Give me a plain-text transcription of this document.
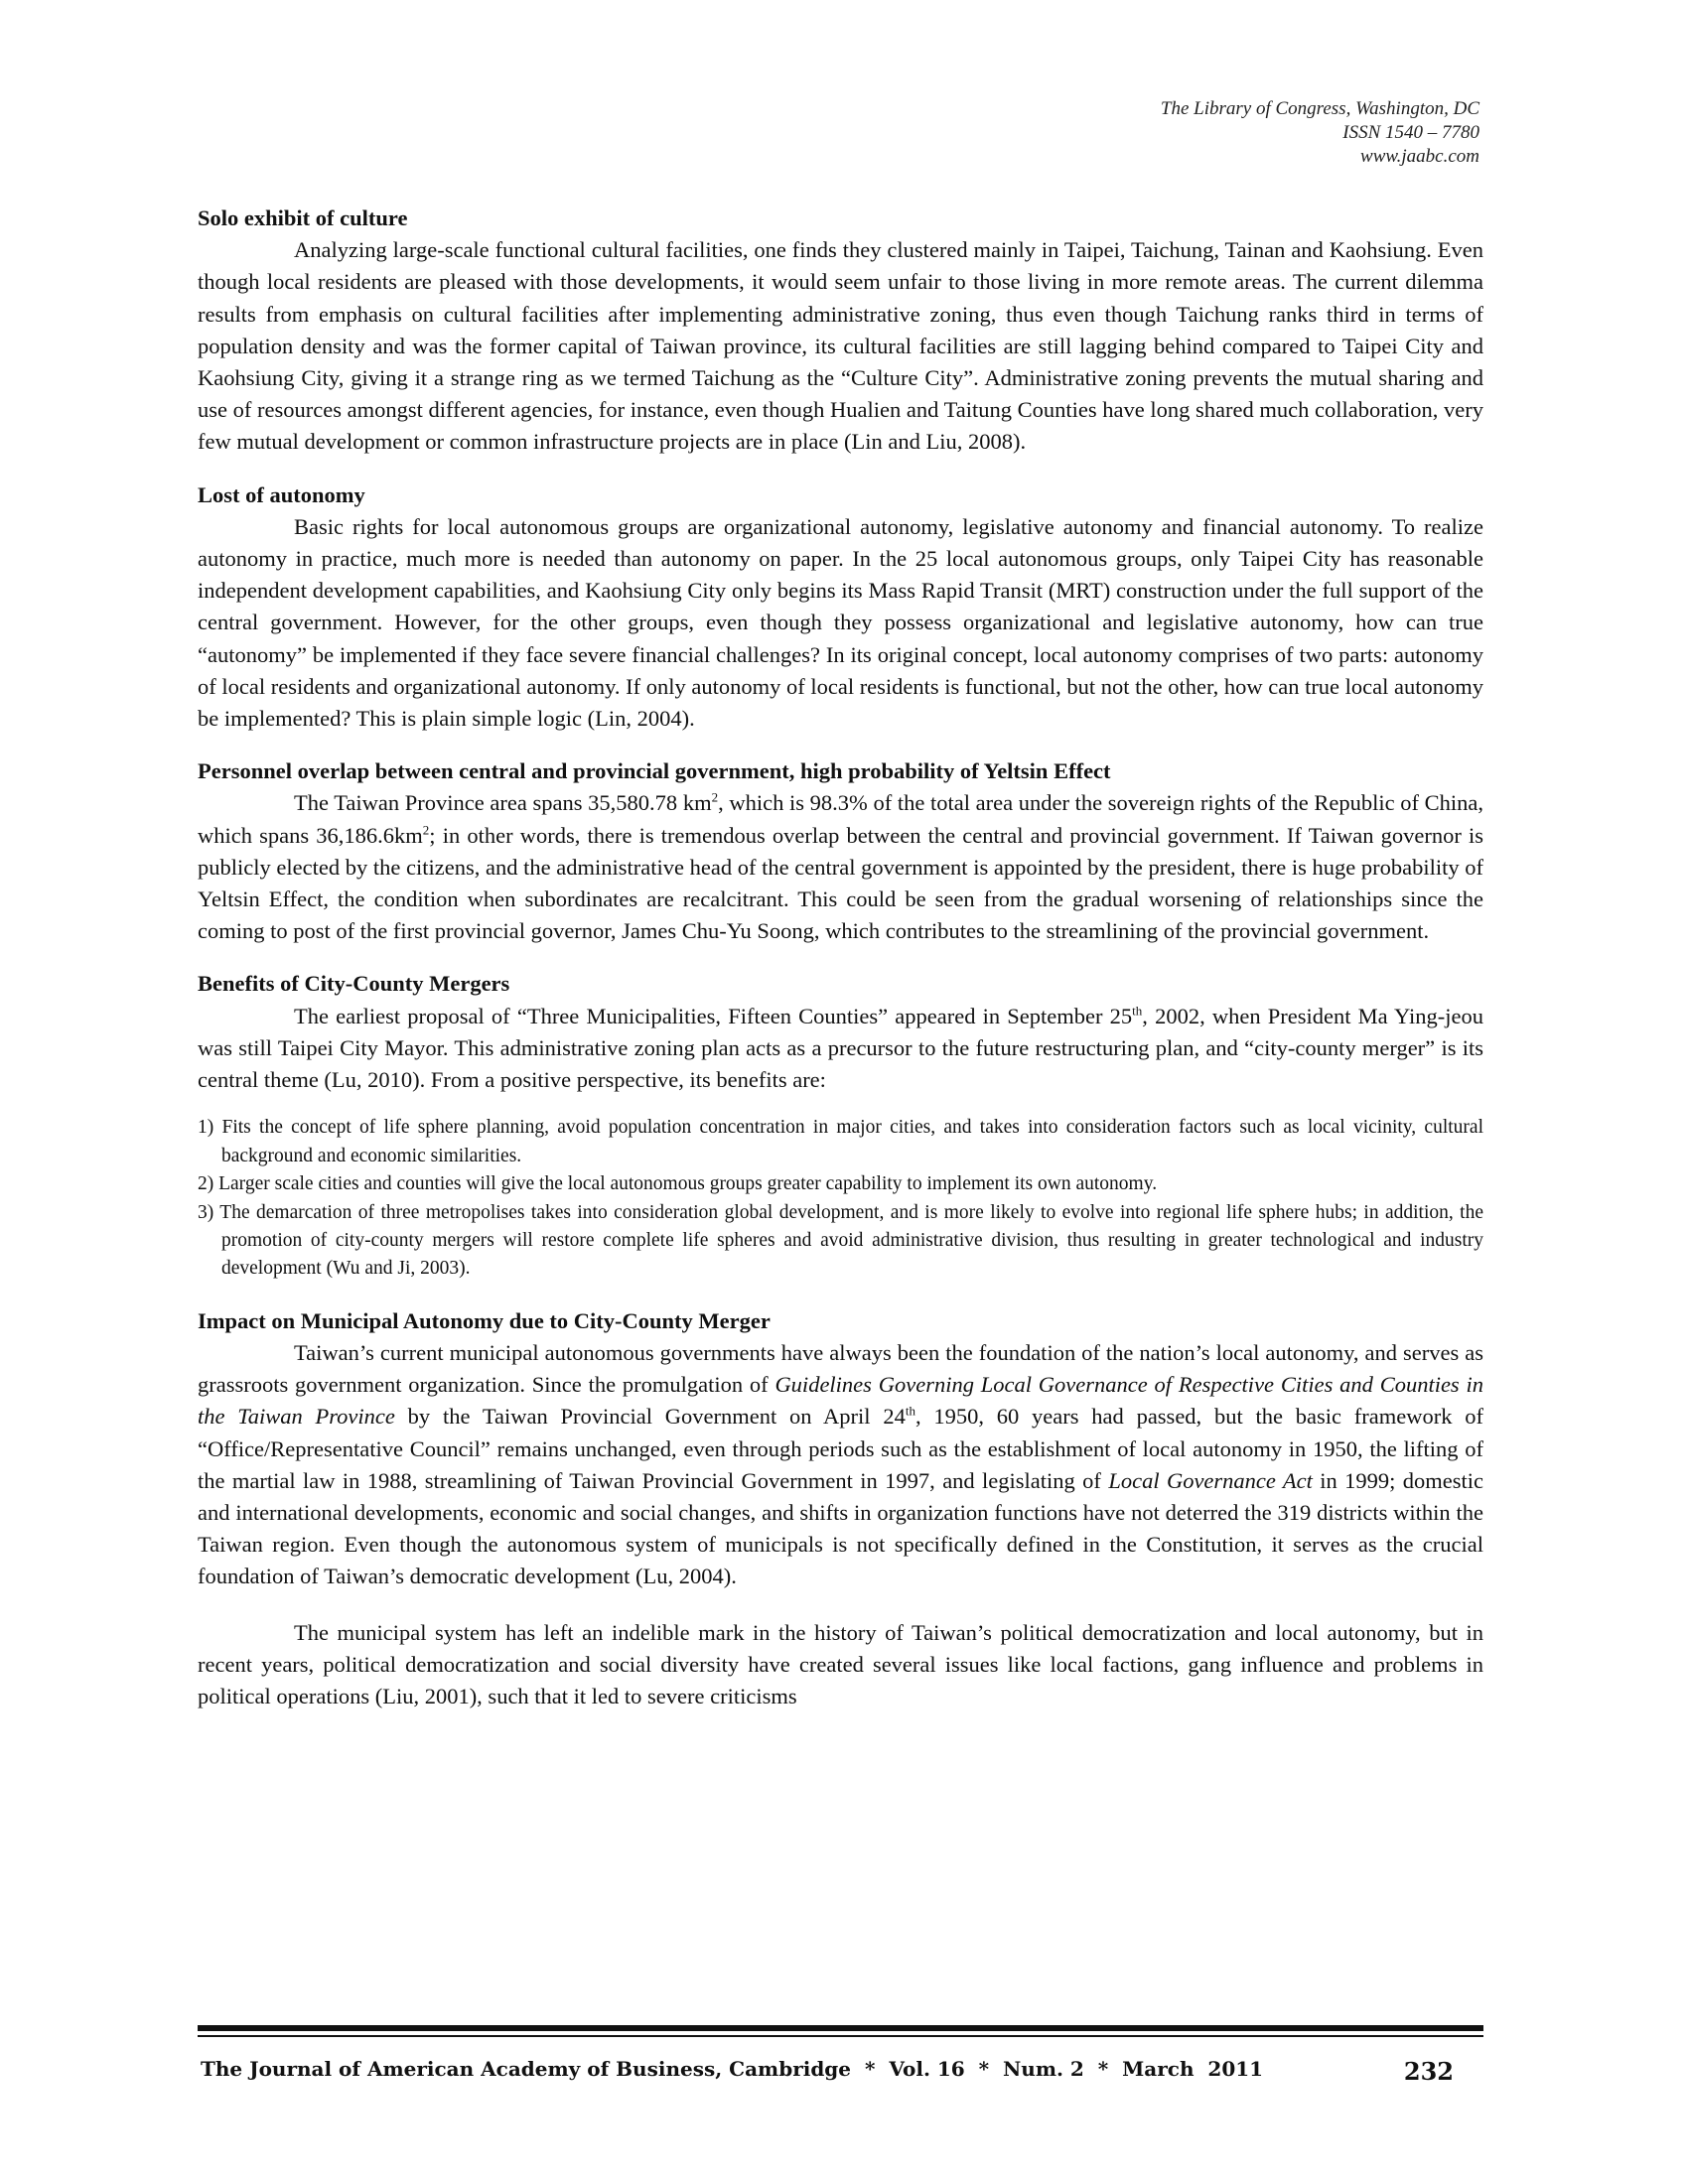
The Library of Congress, Washington, DC
ISSN 1540 – 7780
www.jaabc.com

Solo exhibit of culture

Analyzing large-scale functional cultural facilities, one finds they clustered mainly in Taipei, Taichung, Tainan and Kaohsiung. Even though local residents are pleased with those developments, it would seem unfair to those living in more remote areas. The current dilemma results from emphasis on cultural facilities after implementing administrative zoning, thus even though Taichung ranks third in terms of population density and was the former capital of Taiwan province, its cultural facilities are still lagging behind compared to Taipei City and Kaohsiung City, giving it a strange ring as we termed Taichung as the “Culture City”. Administrative zoning prevents the mutual sharing and use of resources amongst different agencies, for instance, even though Hualien and Taitung Counties have long shared much collaboration, very few mutual development or common infrastructure projects are in place (Lin and Liu, 2008).

Lost of autonomy

Basic rights for local autonomous groups are organizational autonomy, legislative autonomy and financial autonomy. To realize autonomy in practice, much more is needed than autonomy on paper. In the 25 local autonomous groups, only Taipei City has reasonable independent development capabilities, and Kaohsiung City only begins its Mass Rapid Transit (MRT) construction under the full support of the central government. However, for the other groups, even though they possess organizational and legislative autonomy, how can true “autonomy” be implemented if they face severe financial challenges? In its original concept, local autonomy comprises of two parts: autonomy of local residents and organizational autonomy. If only autonomy of local residents is functional, but not the other, how can true local autonomy be implemented? This is plain simple logic (Lin, 2004).

Personnel overlap between central and provincial government, high probability of Yeltsin Effect

The Taiwan Province area spans 35,580.78 $km^2$, which is 98.3% of the total area under the sovereign rights of the Republic of China, which spans $36,186.6km^2$; in other words, there is tremendous overlap between the central and provincial government. If Taiwan governor is publicly elected by the citizens, and the administrative head of the central government is appointed by the president, there is huge probability of Yeltsin Effect, the condition when subordinates are recalcitrant. This could be seen from the gradual worsening of relationships since the coming to post of the first provincial governor, James Chu-Yu Soong, which contributes to the streamlining of the provincial government.

Benefits of City-County Mergers

The earliest proposal of “Three Municipalities, Fifteen Counties” appeared in September 25th, 2002, when President Ma Ying-jeou was still Taipei City Mayor. This administrative zoning plan acts as a precursor to the future restructuring plan, and “city-county merger” is its central theme (Lu, 2010). From a positive perspective, its benefits are:

1) Fits the concept of life sphere planning, avoid population concentration in major cities, and takes into consideration factors such as local vicinity, cultural background and economic similarities.
2) Larger scale cities and counties will give the local autonomous groups greater capability to implement its own autonomy.
3) The demarcation of three metropolises takes into consideration global development, and is more likely to evolve into regional life sphere hubs; in addition, the promotion of city-county mergers will restore complete life spheres and avoid administrative division, thus resulting in greater technological and industry development (Wu and Ji, 2003).

Impact on Municipal Autonomy due to City-County Merger

Taiwan’s current municipal autonomous governments have always been the foundation of the nation’s local autonomy, and serves as grassroots government organization. Since the promulgation of Guidelines Governing Local Governance of Respective Cities and Counties in the Taiwan Province by the Taiwan Provincial Government on April 24th, 1950, 60 years had passed, but the basic framework of “Office/Representative Council” remains unchanged, even through periods such as the establishment of local autonomy in 1950, the lifting of the martial law in 1988, streamlining of Taiwan Provincial Government in 1997, and legislating of Local Governance Act in 1999; domestic and international developments, economic and social changes, and shifts in organization functions have not deterred the 319 districts within the Taiwan region. Even though the autonomous system of municipals is not specifically defined in the Constitution, it serves as the crucial foundation of Taiwan’s democratic development (Lu, 2004).

The municipal system has left an indelible mark in the history of Taiwan’s political democratization and local autonomy, but in recent years, political democratization and social diversity have created several issues like local factions, gang influence and problems in political operations (Liu, 2001), such that it led to severe criticisms

The Journal of American Academy of Business, Cambridge  *  Vol. 16  *  Num. 2  *  March  2011	232
